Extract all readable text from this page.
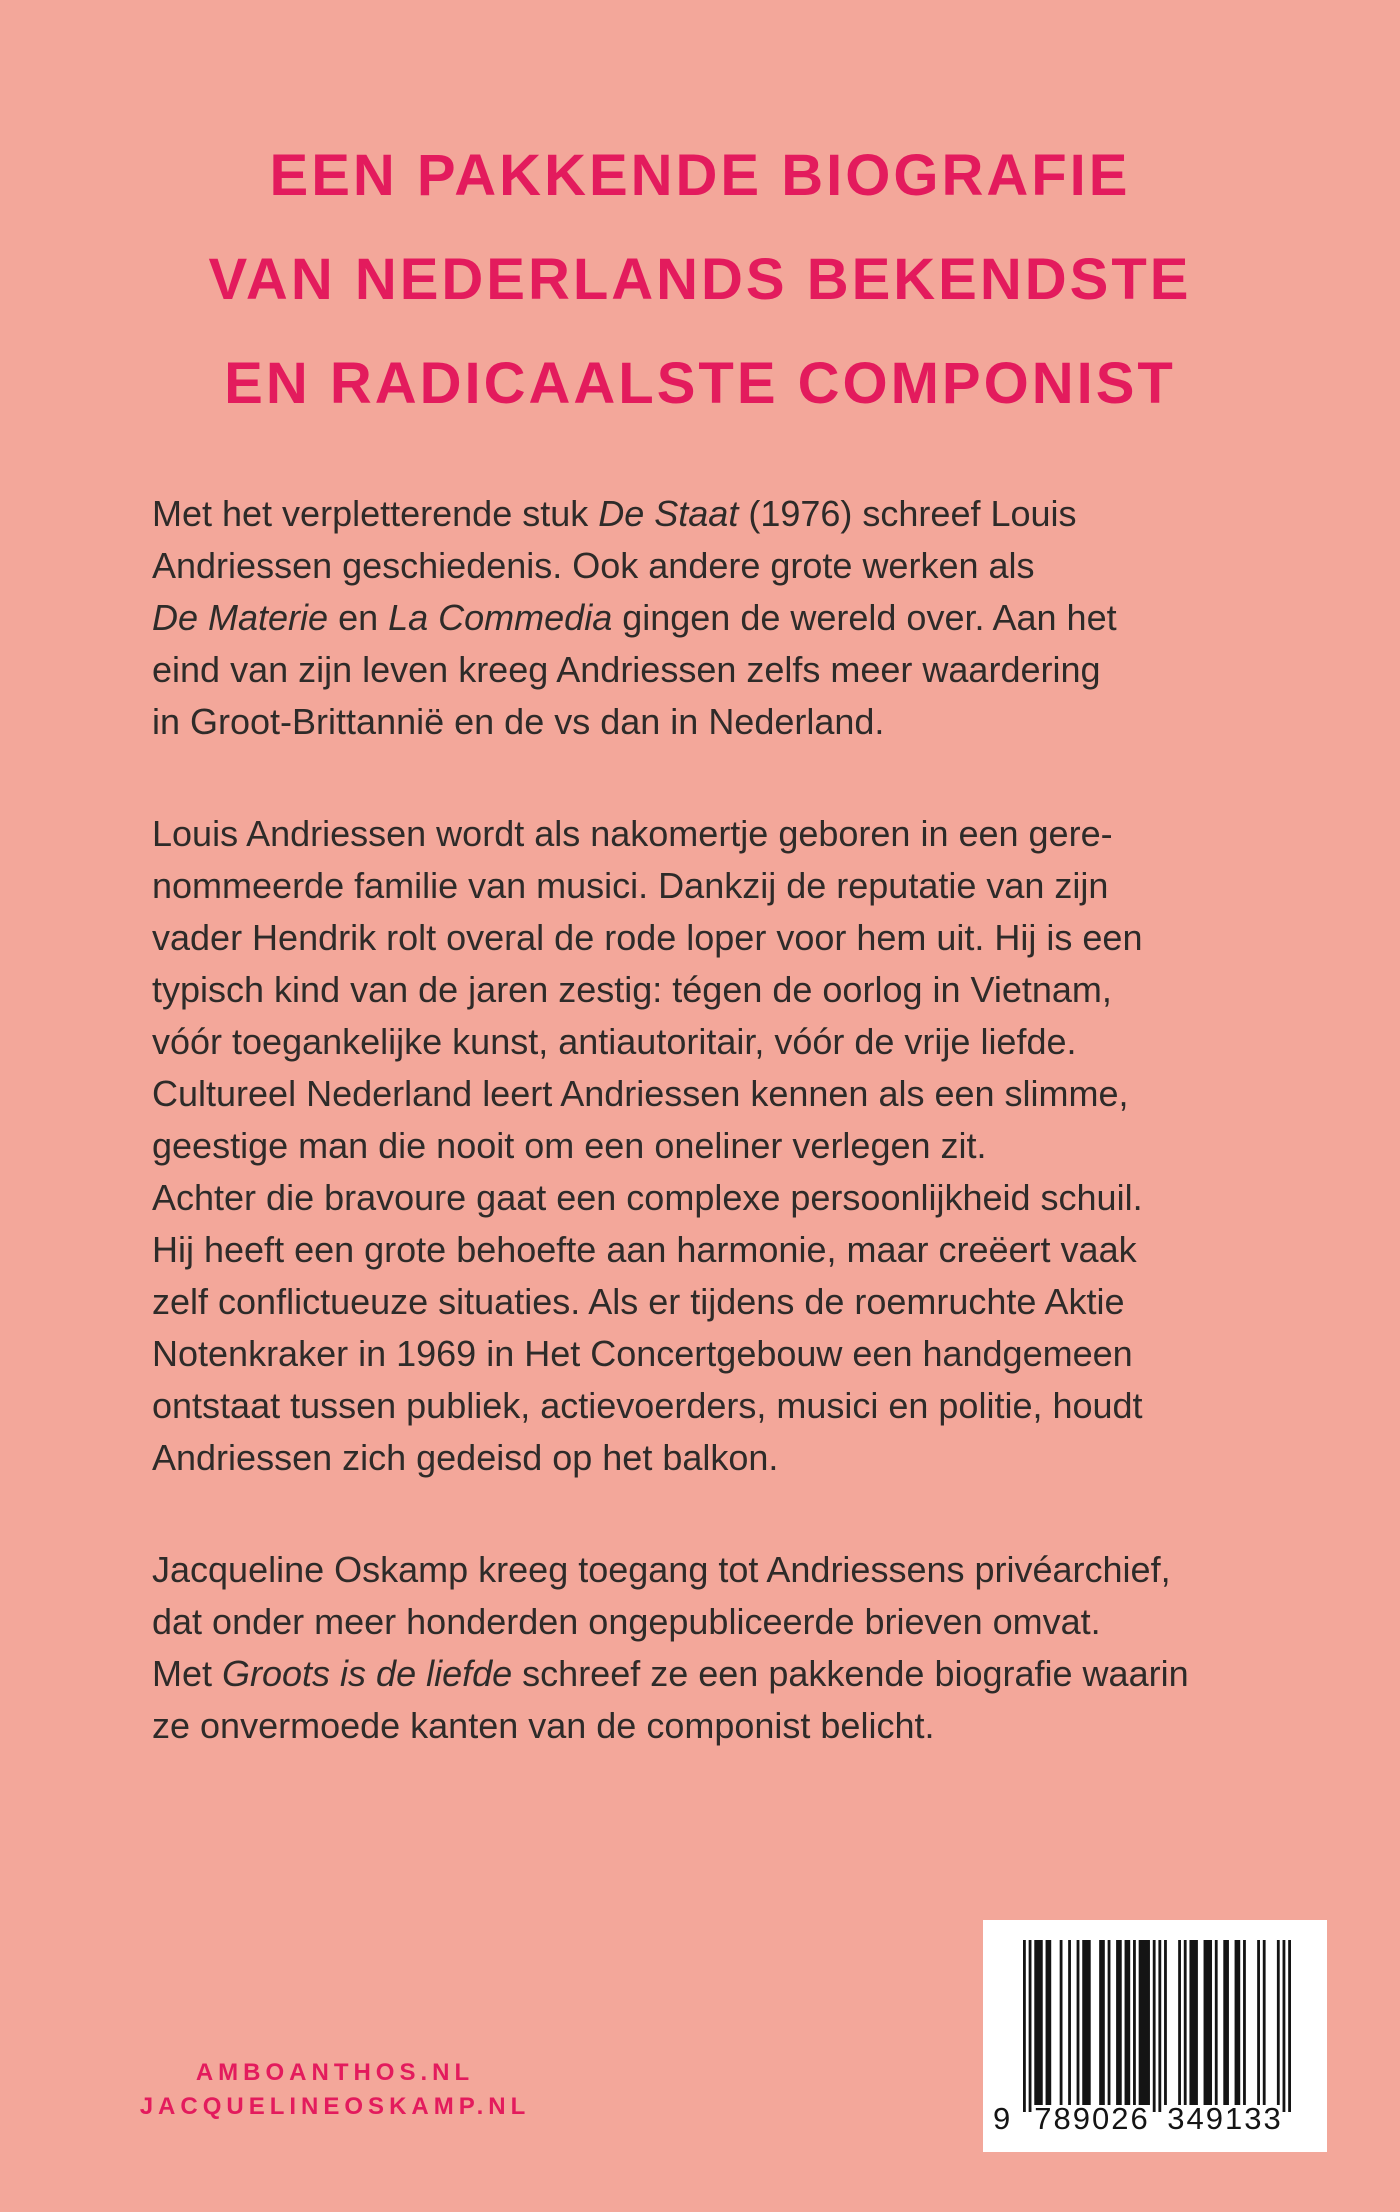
EEN PAKKENDE BIOGRAFIE
VAN NEDERLANDS BEKENDSTE
EN RADICAALSTE COMPONIST
Met het verpletterende stuk De Staat (1976) schreef Louis
Andriessen geschiedenis. Ook andere grote werken als
De Materie en La Commedia gingen de wereld over. Aan het
eind van zijn leven kreeg Andriessen zelfs meer waardering
in Groot-Brittannië en de vs dan in Nederland.
Louis Andriessen wordt als nakomertje geboren in een gere-
nommeerde familie van musici. Dankzij de reputatie van zijn
vader Hendrik rolt overal de rode loper voor hem uit. Hij is een
typisch kind van de jaren zestig: tégen de oorlog in Vietnam,
vóór toegankelijke kunst, antiautoritair, vóór de vrije liefde.
Cultureel Nederland leert Andriessen kennen als een slimme,
geestige man die nooit om een oneliner verlegen zit.
Achter die bravoure gaat een complexe persoonlijkheid schuil.
Hij heeft een grote behoefte aan harmonie, maar creëert vaak
zelf conflictueuze situaties. Als er tijdens de roemruchte Aktie
Notenkraker in 1969 in Het Concertgebouw een handgemeen
ontstaat tussen publiek, actievoerders, musici en politie, houdt
Andriessen zich gedeisd op het balkon.
Jacqueline Oskamp kreeg toegang tot Andriessens privéarchief,
dat onder meer honderden ongepubliceerde brieven omvat.
Met Groots is de liefde schreef ze een pakkende biografie waarin
ze onvermoede kanten van de componist belicht.
AMBOANTHOS.NL
JACQUELINEOSKAMP.NL	9 789026 349133
